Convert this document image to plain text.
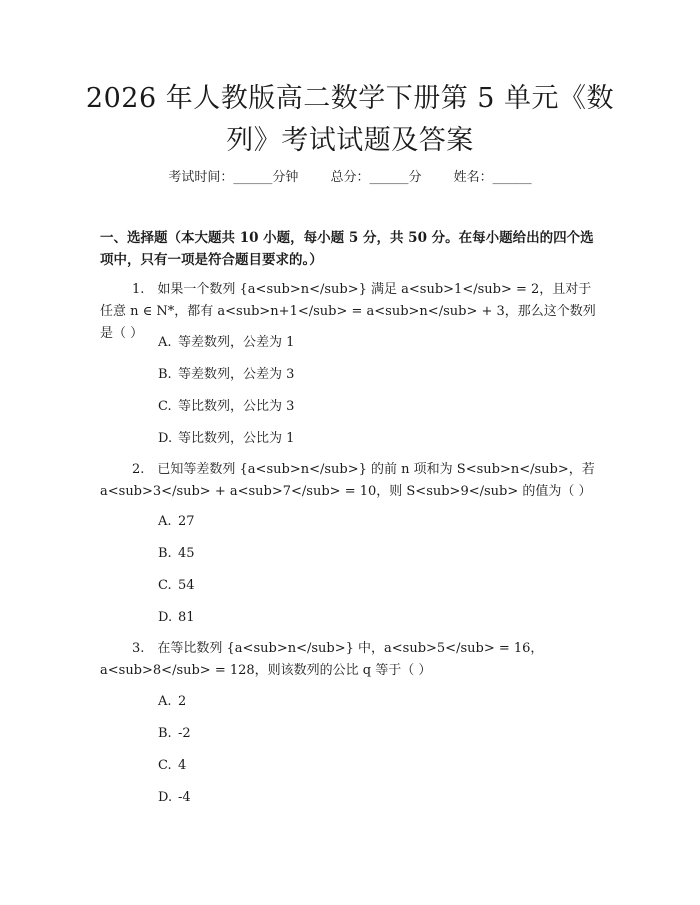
2026 年人教版高二数学下册第 5 单元《数
列》考试试题及答案
考试时间：______分钟 总分：______分 姓名：______
一、选择题（本大题共 10 小题，每小题 5 分，共 50 分。在每小题给出的四个选项中，只有一项是符合题目要求的。）
1.　如果一个数列 {a<sub>n</sub>} 满足 a<sub>1</sub> = 2，且对于任意 n ∈ N*，都有 a<sub>n+1</sub> = a<sub>n</sub> + 3，那么这个数列是（ ）
A. 等差数列，公差为 1
B. 等差数列，公差为 3
C. 等比数列，公比为 3
D. 等比数列，公比为 1
2.　已知等差数列 {a<sub>n</sub>} 的前 n 项和为 S<sub>n</sub>，若 a<sub>3</sub> + a<sub>7</sub> = 10，则 S<sub>9</sub> 的值为（ ）
A. 27
B. 45
C. 54
D. 81
3.　在等比数列 {a<sub>n</sub>} 中，a<sub>5</sub> = 16，a<sub>8</sub> = 128，则该数列的公比 q 等于（ ）
A. 2
B. -2
C. 4
D. -4
